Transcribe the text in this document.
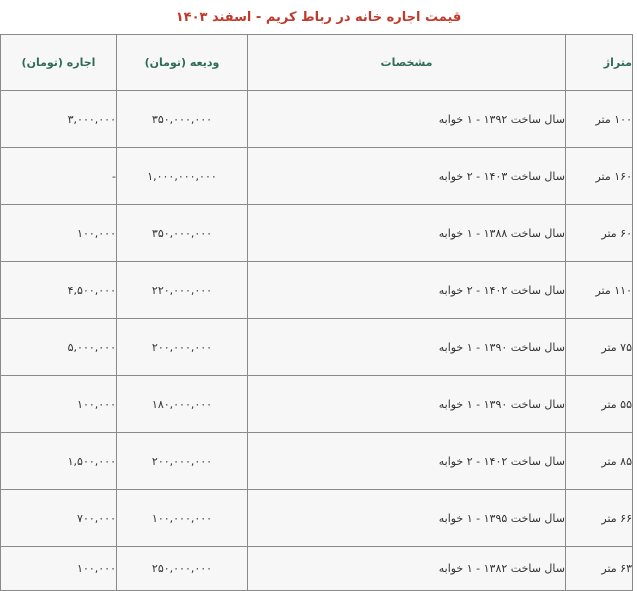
قیمت اجاره خانه در رباط کریم - اسفند ۱۴۰۳
متراژ	مشخصات	ودیعه (تومان)	اجاره (تومان)
۱۰۰ متر	سال ساخت ۱۳۹۲ - ۱ خوابه	۳۵۰,۰۰۰,۰۰۰	۳,۰۰۰,۰۰۰
۱۶۰ متر	سال ساخت ۱۴۰۳ - ۲ خوابه	۱,۰۰۰,۰۰۰,۰۰۰	-
۶۰ متر	سال ساخت ۱۳۸۸ - ۱ خوابه	۳۵۰,۰۰۰,۰۰۰	۱۰۰,۰۰۰
۱۱۰ متر	سال ساخت ۱۴۰۲ - ۲ خوابه	۲۲۰,۰۰۰,۰۰۰	۴,۵۰۰,۰۰۰
۷۵ متر	سال ساخت ۱۳۹۰ - ۱ خوابه	۲۰۰,۰۰۰,۰۰۰	۵,۰۰۰,۰۰۰
۵۵ متر	سال ساخت ۱۳۹۰ - ۱ خوابه	۱۸۰,۰۰۰,۰۰۰	۱۰۰,۰۰۰
۸۵ متر	سال ساخت ۱۴۰۲ - ۲ خوابه	۲۰۰,۰۰۰,۰۰۰	۱,۵۰۰,۰۰۰
۶۶ متر	سال ساخت ۱۳۹۵ - ۱ خوابه	۱۰۰,۰۰۰,۰۰۰	۷۰۰,۰۰۰
۶۳ متر	سال ساخت ۱۳۸۲ - ۱ خوابه	۲۵۰,۰۰۰,۰۰۰	۱۰۰,۰۰۰
